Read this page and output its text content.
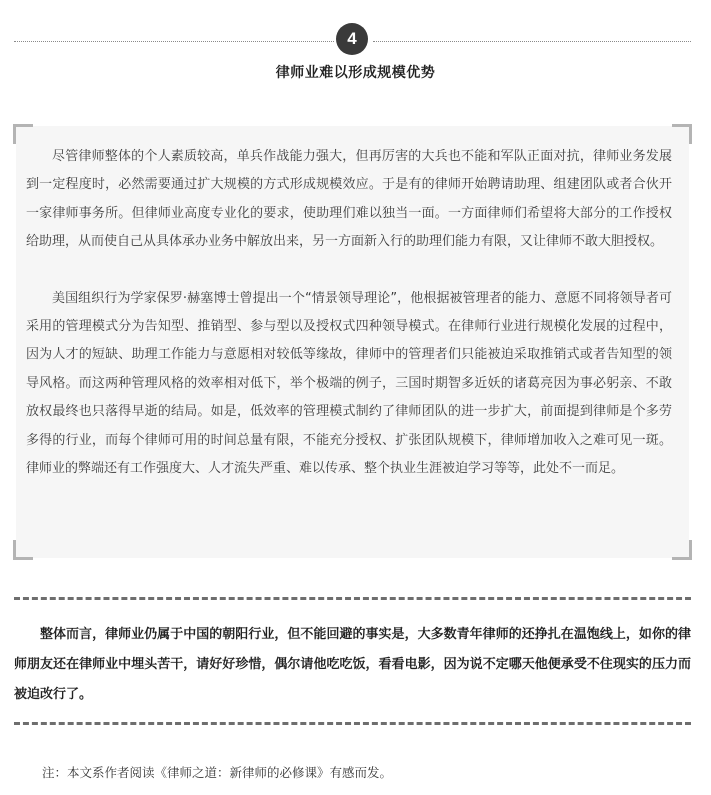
4
律师业难以形成规模优势

尽管律师整体的个人素质较高，单兵作战能力强大，但再厉害的大兵也不能和军队正面对抗，律师业务发展到一定程度时，必然需要通过扩大规模的方式形成规模效应。于是有的律师开始聘请助理、组建团队或者合伙开一家律师事务所。但律师业高度专业化的要求，使助理们难以独当一面。一方面律师们希望将大部分的工作授权给助理，从而使自己从具体承办业务中解放出来，另一方面新入行的助理们能力有限，又让律师不敢大胆授权。

美国组织行为学家保罗·赫塞博士曾提出一个“情景领导理论”，他根据被管理者的能力、意愿不同将领导者可采用的管理模式分为告知型、推销型、参与型以及授权式四种领导模式。在律师行业进行规模化发展的过程中，因为人才的短缺、助理工作能力与意愿相对较低等缘故，律师中的管理者们只能被迫采取推销式或者告知型的领导风格。而这两种管理风格的效率相对低下，举个极端的例子，三国时期智多近妖的诸葛亮因为事必躬亲、不敢放权最终也只落得早逝的结局。如是，低效率的管理模式制约了律师团队的进一步扩大，前面提到律师是个多劳多得的行业，而每个律师可用的时间总量有限，不能充分授权、扩张团队规模下，律师增加收入之难可见一斑。律师业的弊端还有工作强度大、人才流失严重、难以传承、整个执业生涯被迫学习等等，此处不一而足。

整体而言，律师业仍属于中国的朝阳行业，但不能回避的事实是，大多数青年律师的还挣扎在温饱线上，如你的律师朋友还在律师业中埋头苦干，请好好珍惜，偶尔请他吃吃饭，看看电影，因为说不定哪天他便承受不住现实的压力而被迫改行了。
注：本文系作者阅读《律师之道：新律师的必修课》有感而发。
